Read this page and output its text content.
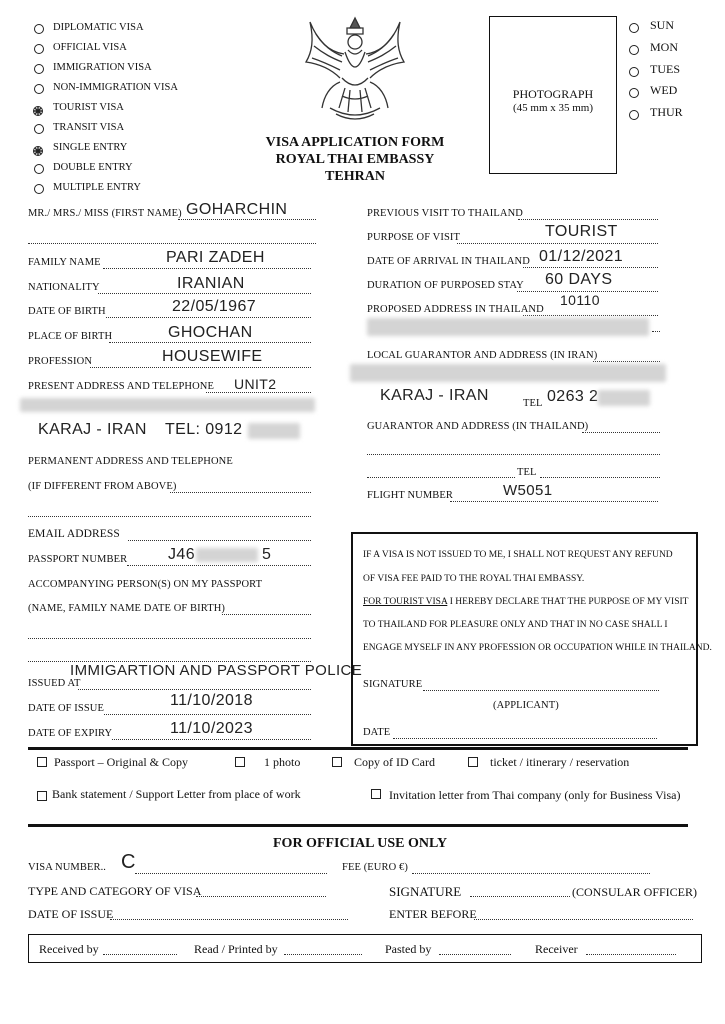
DIPLOMATIC VISA
OFFICIAL VISA
IMMIGRATION VISA
NON-IMMIGRATION VISA
TOURIST VISA
TRANSIT VISA
SINGLE ENTRY
DOUBLE ENTRY
MULTIPLE ENTRY
VISA APPLICATION FORM
ROYAL THAI EMBASSY
TEHRAN
PHOTOGRAPH
(45 mm x 35 mm)
SUN
MON
TUES
WED
THUR
MR./ MRS./ MISS (FIRST NAME) GOHARCHIN
FAMILY NAME	PARI ZADEH
NATIONALITY	IRANIAN
DATE OF BIRTH	22/05/1967
PLACE OF BIRTH	GHOCHAN
PROFESSION	HOUSEWIFE
PRESENT ADDRESS AND TELEPHONE UNIT2
KARAJ - IRAN TEL: 0912
PERMANENT ADDRESS AND TELEPHONE
(IF DIFFERENT FROM ABOVE)
EMAIL ADDRESS
PASSPORT NUMBER	J46	5
ACCOMPANYING PERSON(S) ON MY PASSPORT
(NAME, FAMILY NAME DATE OF BIRTH)
ISSUED AT
IMMIGARTION AND PASSPORT POLICE
DATE OF ISSUE	11/10/2018
DATE OF EXPIRY	11/10/2023
PREVIOUS VISIT TO THAILAND
PURPOSE OF VISIT	TOURIST
DATE OF ARRIVAL IN THAILAND 01/12/2021
DURATION OF PURPOSED STAY 60 DAYS
PROPOSED ADDRESS IN THAILAND
10110
LOCAL GUARANTOR AND ADDRESS (IN IRAN)
KARAJ - IRAN	TEL 0263 2
GUARANTOR AND ADDRESS (IN THAILAND)
TEL
FLIGHT NUMBER	W5051
IF A VISA IS NOT ISSUED TO ME, I SHALL NOT REQUEST ANY REFUND
OF VISA FEE PAID TO THE ROYAL THAI EMBASSY.
FOR TOURIST VISA I HEREBY DECLARE THAT THE PURPOSE OF MY VISIT
TO THAILAND FOR PLEASURE ONLY AND THAT IN NO CASE SHALL I
ENGAGE MYSELF IN ANY PROFESSION OR OCCUPATION WHILE IN THAILAND.
SIGNATURE
(APPLICANT)
DATE
Passport – Original & Copy	1 photo	Copy of ID Card	ticket / itinerary / reservation
Bank statement / Support Letter from place of work	Invitation letter from Thai company (only for Business Visa)
FOR OFFICIAL USE ONLY
VISA NUMBER.. C	FEE (EURO €)
TYPE AND CATEGORY OF VISA	SIGNATURE	(CONSULAR OFFICER)
DATE OF ISSUE	ENTER BEFORE
Received by	Read / Printed by	Pasted by	Receiver
